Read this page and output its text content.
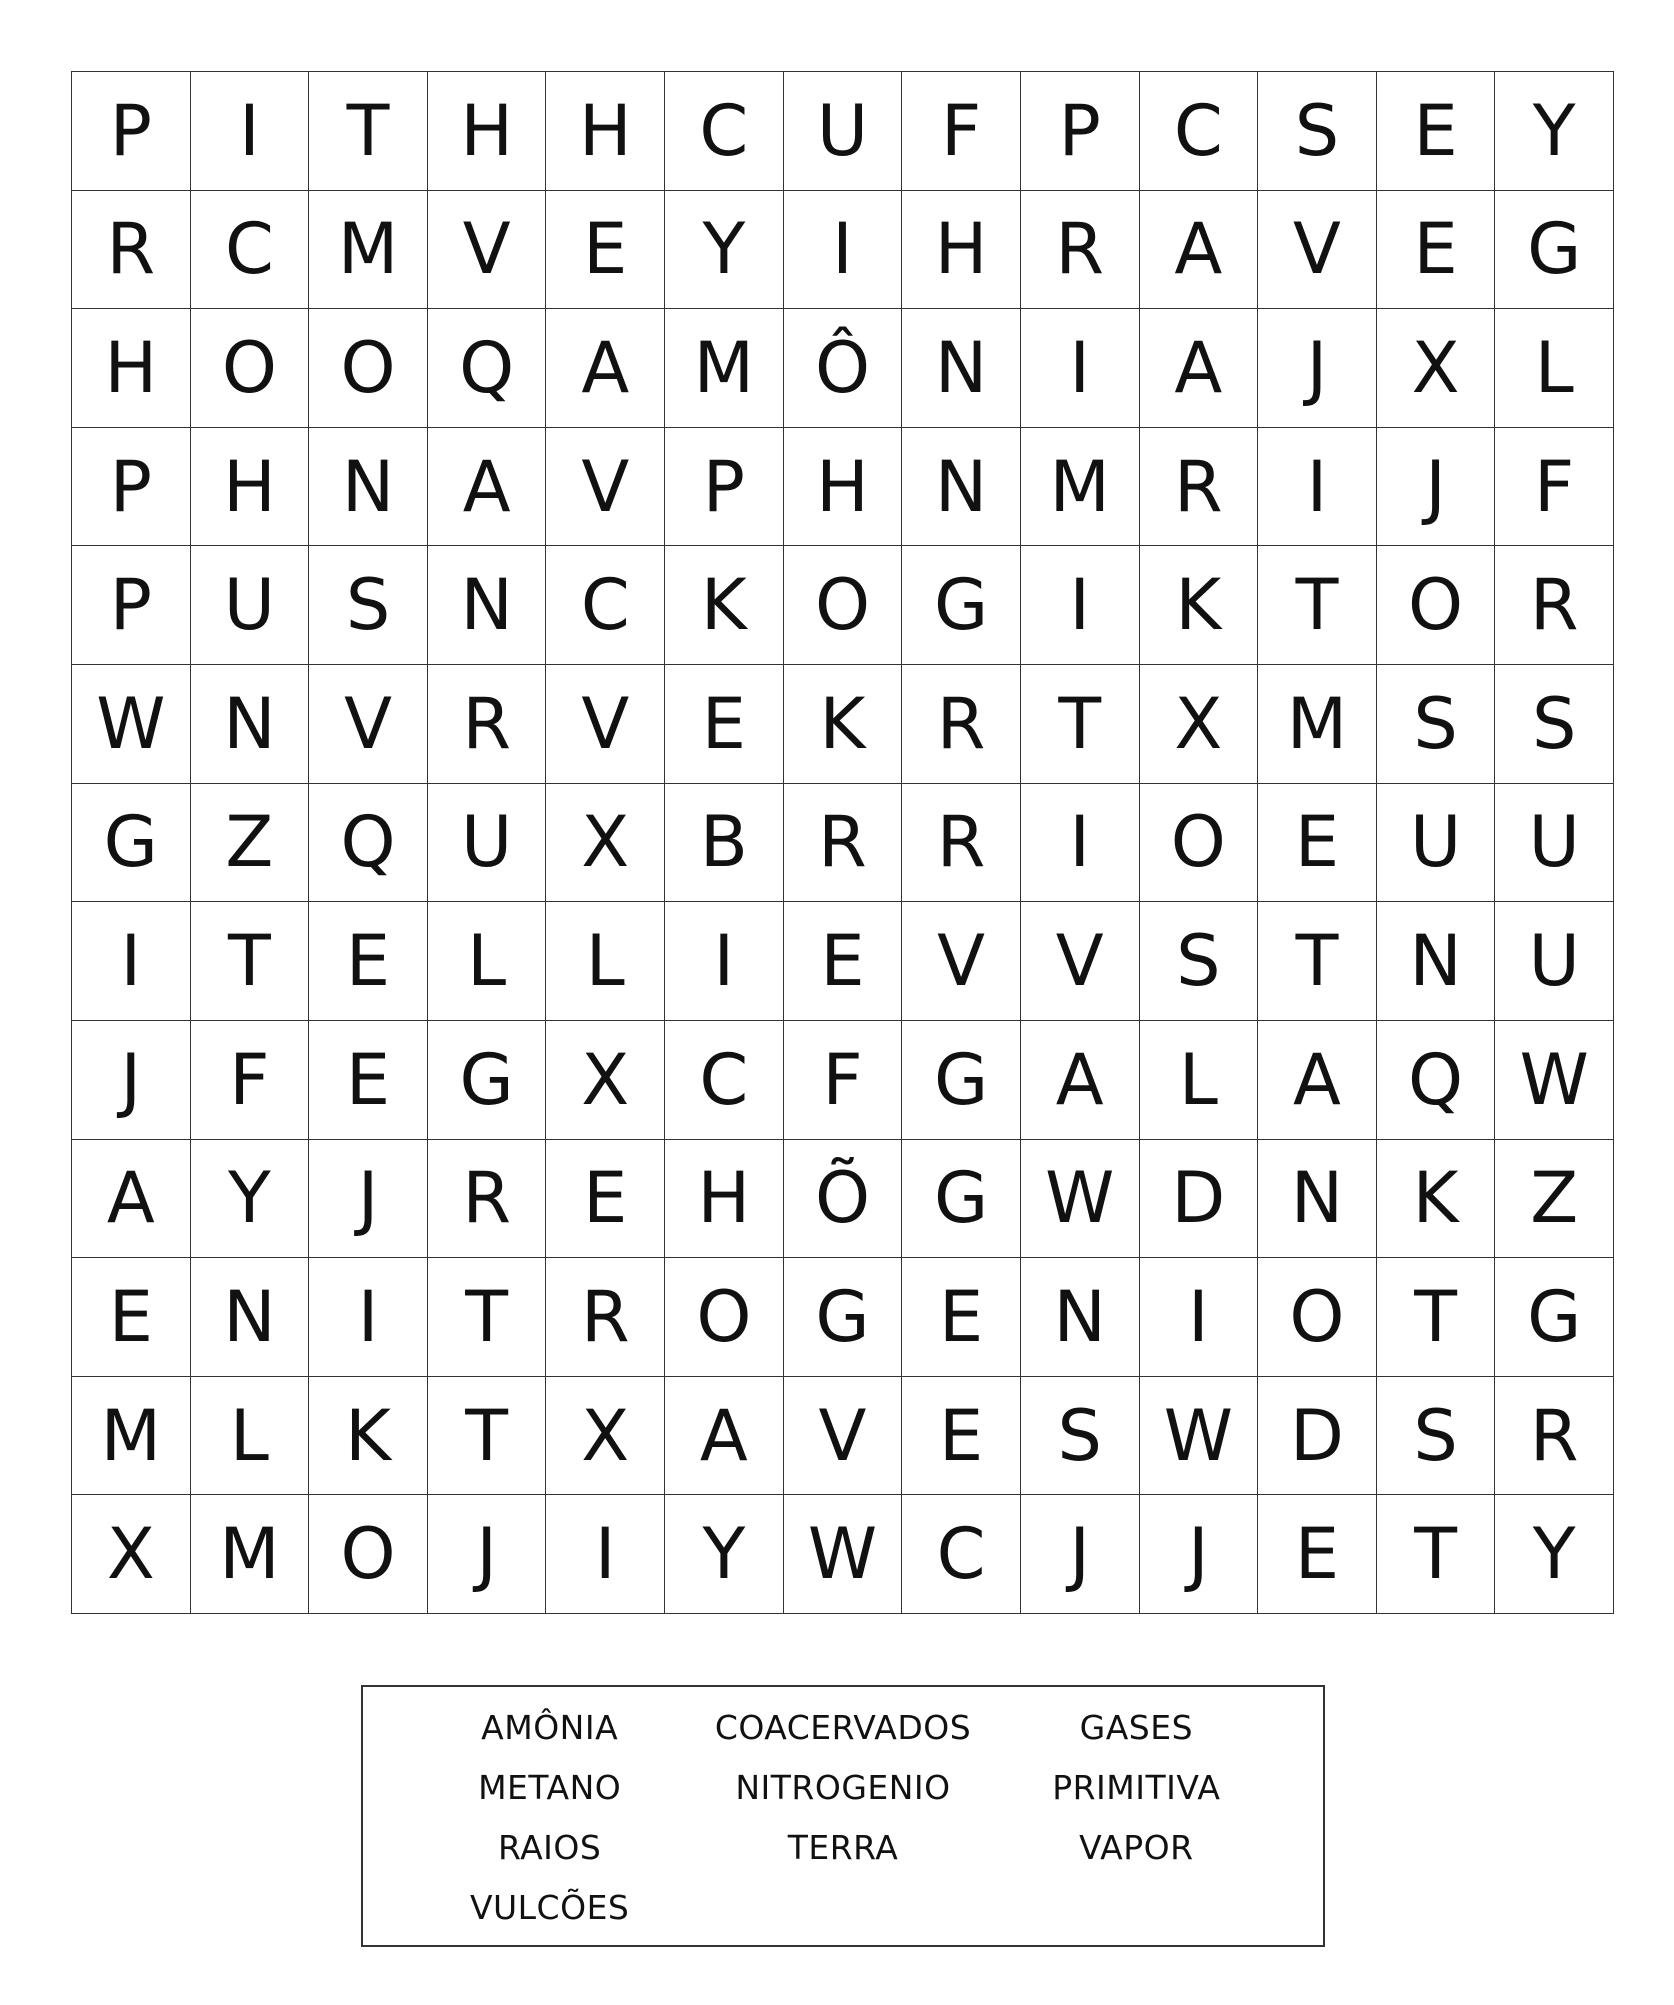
P	I	T	H H C U	F	P	C	S	E	Y
R C M V	E	Y	I	H R	A	V	E G
H O O Q A M Ô N	I	A	J	X	L
P	H N A	V	P	H N M R	I	J	F
P	U	S	N C	K O G	I	K	T O R
W N V	R	V	E	K	R	T	X M S	S
G Z Q U X	B	R R	I	O E	U U
I	T	E	L	L	I	E	V	V	S	T	N U
J	F	E G X	C	F	G A	L	A Q W
A	Y	J	R	E	H Õ G W D N K	Z
E	N	I	T	R O G E	N	I	O T	G
M L	K	T	X	A	V	E	S W D S	R
X M O	J	I	Y W C	J	J	E	T	Y
AMÔNIA	COACERVADOS	GASES
METANO	NITROGENIO	PRIMITIVA
RAIOS	TERRA	VAPOR
VULCÕES
